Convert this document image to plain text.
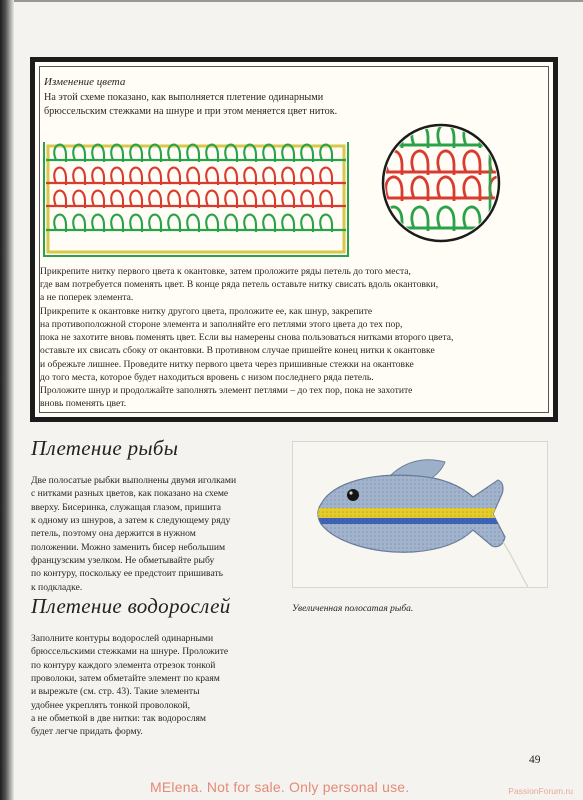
Изменение цвета
На этой схеме показано, как выполняется плетение одинарными брюссельским стежками на шнуре и при этом меняется цвет ниток.

Прикрепите нитку первого цвета к окантовке, затем проложите ряды петель до того места,

где вам потребуется поменять цвет. В конце ряда петель оставьте нитку свисать вдоль окантовки,

а не поперек элемента.

Прикрепите к окантовке нитку другого цвета, проложите ее, как шнур, закрепите

на противоположной стороне элемента и заполняйте его петлями этого цвета до тех пор,

пока не захотите вновь поменять цвет. Если вы намерены снова пользоваться нитками второго цвета,

оставьте их свисать сбоку от окантовки. В противном случае пришейте конец нитки к окантовке

и обрежьте лишнее. Проведите нитку первого цвета через пришивные стежки на окантовке

до того места, которое будет находиться вровень с низом последнего ряда петель.

Проложите шнур и продолжайте заполнять элемент петлями – до тех пор, пока не захотите

вновь поменять цвет.

Плетение рыбы
Две полосатые рыбки выполнены двумя иголками
с нитками разных цветов, как показано на схеме
вверху. Бисеринка, служащая глазом, пришита
к одному из шнуров, а затем к следующему ряду
петель, поэтому она держится в нужном
положении. Можно заменить бисер небольшим
французским узелком. Не обметывайте рыбу
по контуру, поскольку ее предстоит пришивать
к подкладке.
Плетение водорослей
Заполните контуры водорослей одинарными
брюссельскими стежками на шнуре. Проложите
по контуру каждого элемента отрезок тонкой
проволоки, затем обметайте элемент по краям
и вырежьте (см. стр. 43). Такие элементы
удобнее укреплять тонкой проволокой,
а не обметкой в две нитки: так водорослям
будет легче придать форму.
Увеличенная полосатая рыба.
49
MElena. Not for sale. Only personal use.	PassionForum.ru
